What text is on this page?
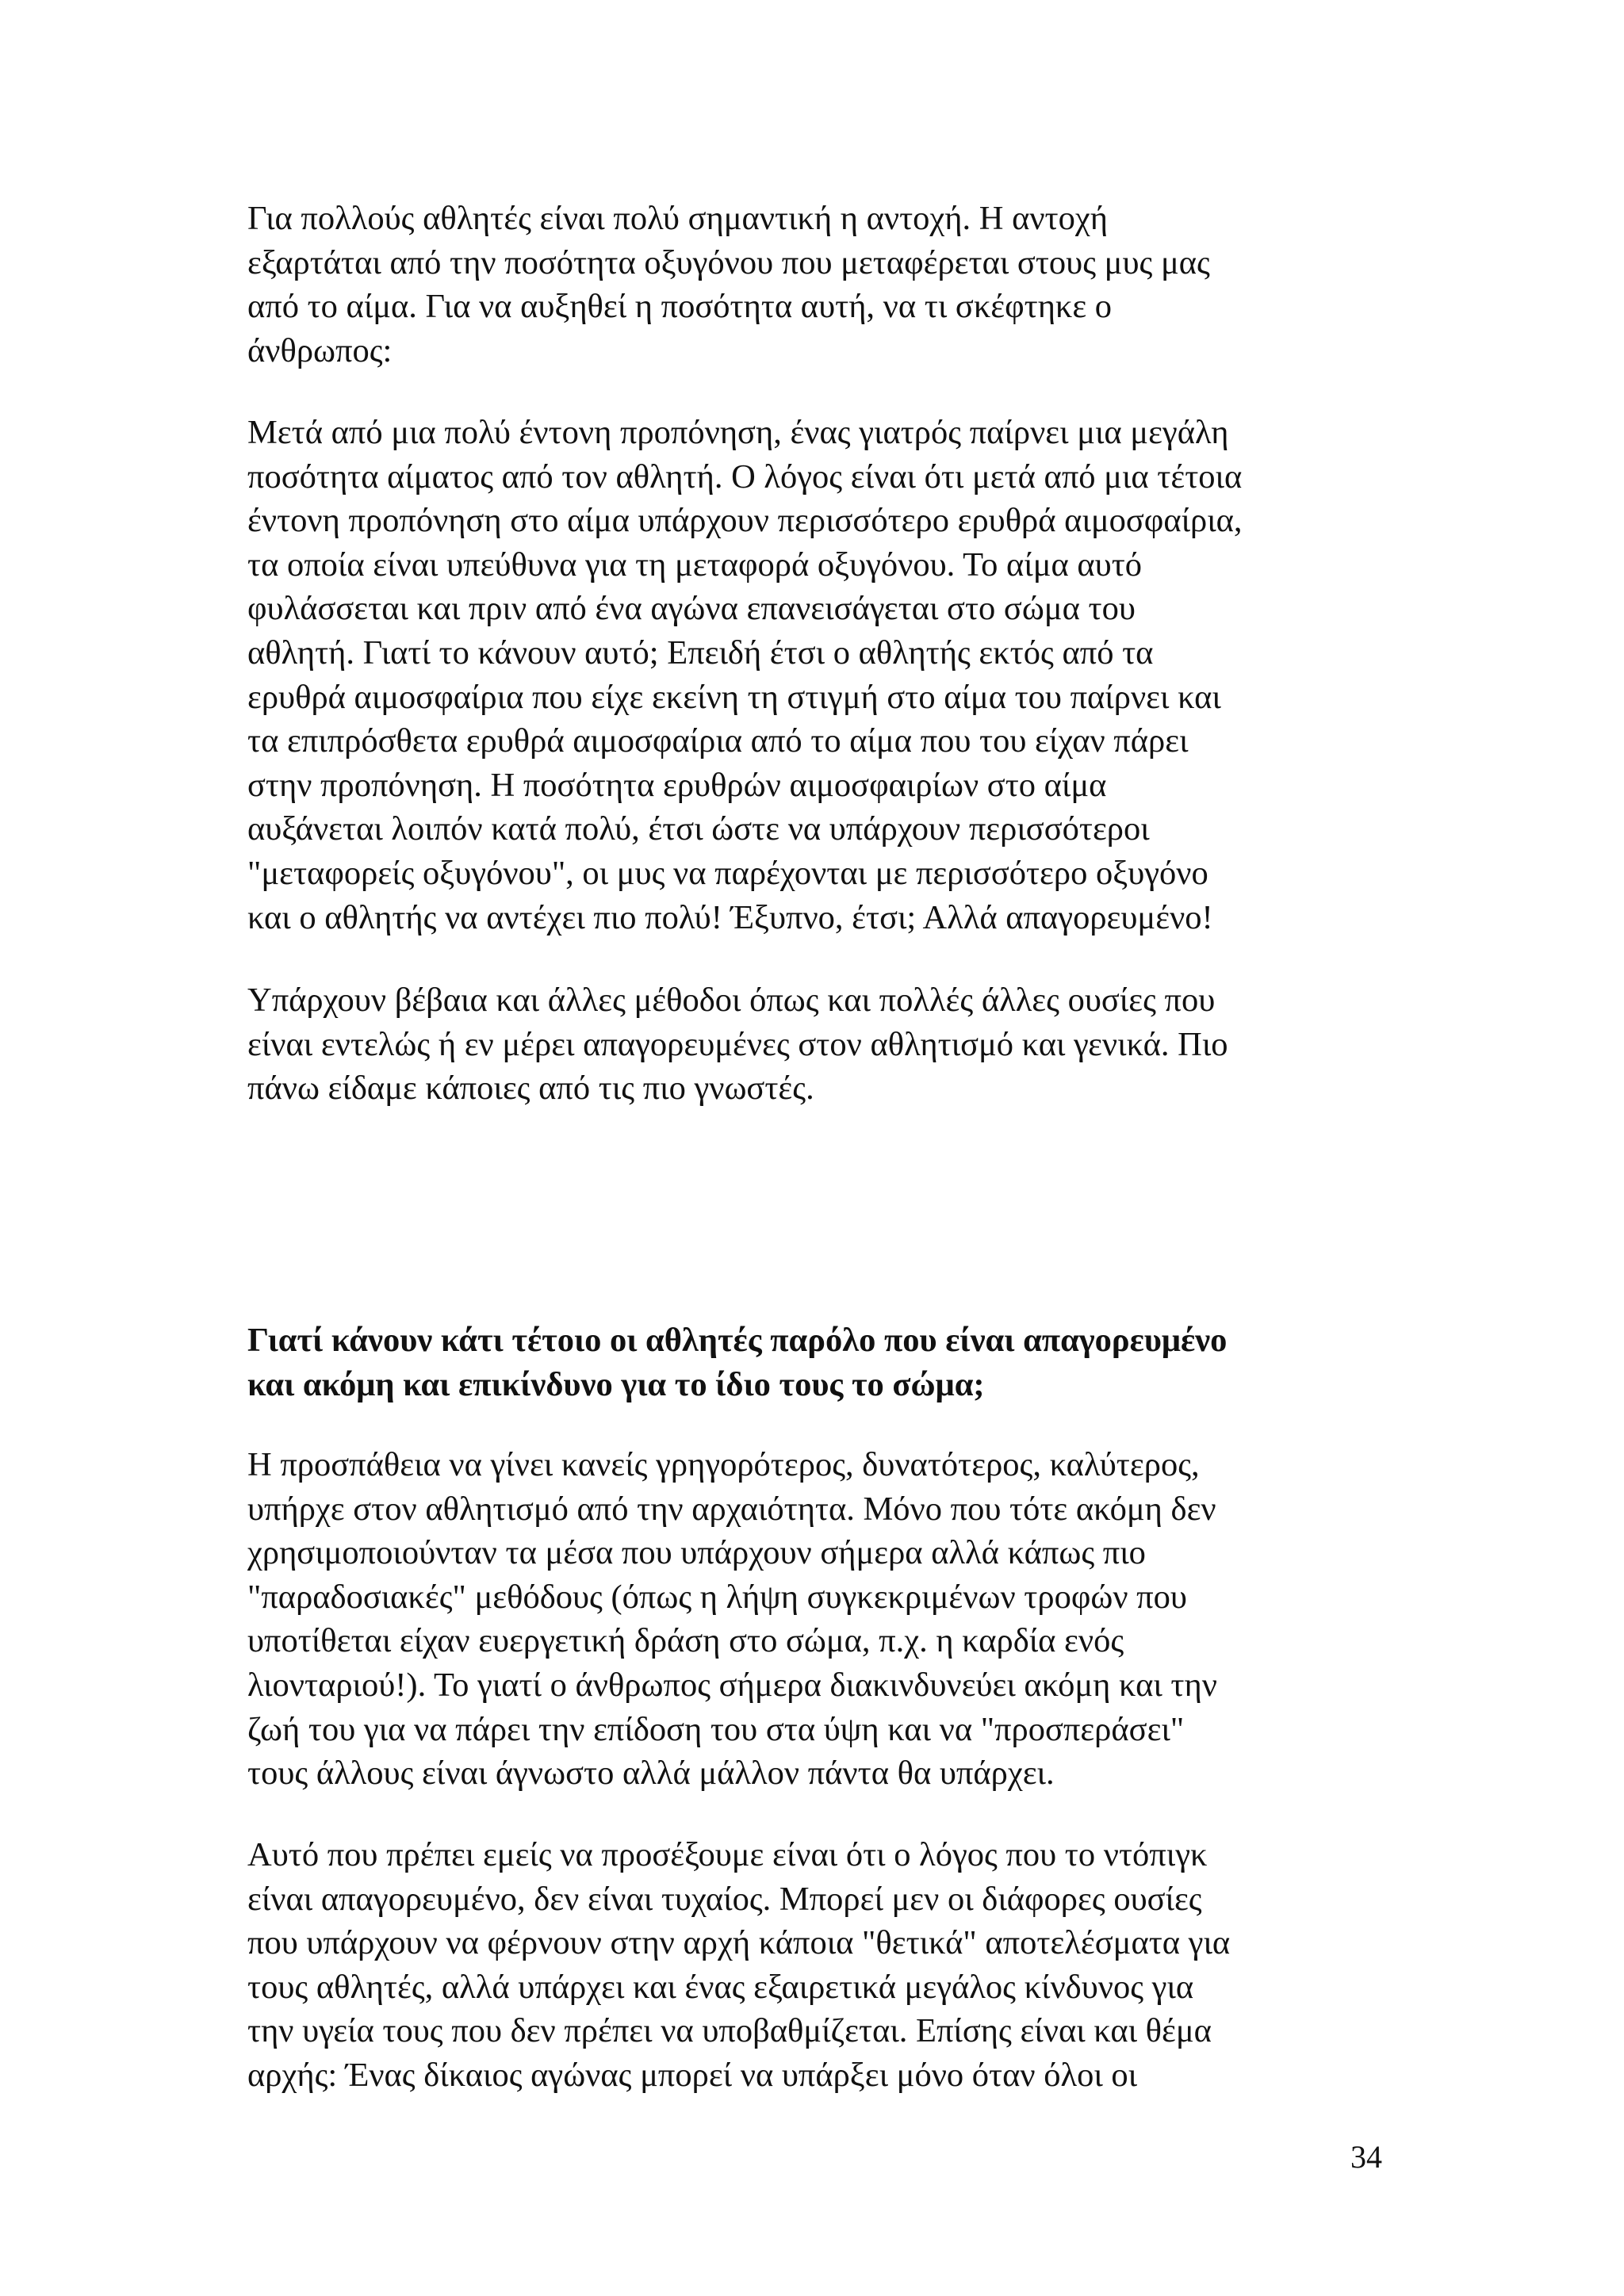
Για πολλούς αθλητές είναι πολύ σημαντική η αντοχή. Η αντοχή
εξαρτάται από την ποσότητα οξυγόνου που μεταφέρεται στους μυς μας
από το αίμα. Για να αυξηθεί η ποσότητα αυτή, να τι σκέφτηκε ο
άνθρωπος:

Μετά από μια πολύ έντονη προπόνηση, ένας γιατρός παίρνει μια μεγάλη
ποσότητα αίματος από τον αθλητή. Ο λόγος είναι ότι μετά από μια τέτοια
έντονη προπόνηση στο αίμα υπάρχουν περισσότερο ερυθρά αιμοσφαίρια,
τα οποία είναι υπεύθυνα για τη μεταφορά οξυγόνου. Το αίμα αυτό
φυλάσσεται και πριν από ένα αγώνα επανεισάγεται στο σώμα του
αθλητή. Γιατί το κάνουν αυτό; Επειδή έτσι ο αθλητής εκτός από τα
ερυθρά αιμοσφαίρια που είχε εκείνη τη στιγμή στο αίμα του παίρνει και
τα επιπρόσθετα ερυθρά αιμοσφαίρια από το αίμα που του είχαν πάρει
στην προπόνηση. Η ποσότητα ερυθρών αιμοσφαιρίων στο αίμα
αυξάνεται λοιπόν κατά πολύ, έτσι ώστε να υπάρχουν περισσότεροι
"μεταφορείς οξυγόνου", οι μυς να παρέχονται με περισσότερο οξυγόνο
και ο αθλητής να αντέχει πιο πολύ! Έξυπνο, έτσι; Αλλά απαγορευμένο!

Υπάρχουν βέβαια και άλλες μέθοδοι όπως και πολλές άλλες ουσίες που
είναι εντελώς ή εν μέρει απαγορευμένες στον αθλητισμό και γενικά. Πιο
πάνω είδαμε κάποιες από τις πιο γνωστές.

Γιατί κάνουν κάτι τέτοιο οι αθλητές παρόλο που είναι απαγορευμένο
και ακόμη και επικίνδυνο για το ίδιο τους το σώμα;

Η προσπάθεια να γίνει κανείς γρηγορότερος, δυνατότερος, καλύτερος,
υπήρχε στον αθλητισμό από την αρχαιότητα. Μόνο που τότε ακόμη δεν
χρησιμοποιούνταν τα μέσα που υπάρχουν σήμερα αλλά κάπως πιο
"παραδοσιακές" μεθόδους (όπως η λήψη συγκεκριμένων τροφών που
υποτίθεται είχαν ευεργετική δράση στο σώμα, π.χ. η καρδία ενός
λιονταριού!). Το γιατί ο άνθρωπος σήμερα διακινδυνεύει ακόμη και την
ζωή του για να πάρει την επίδοση του στα ύψη και να "προσπεράσει"
τους άλλους είναι άγνωστο αλλά μάλλον πάντα θα υπάρχει.

Αυτό που πρέπει εμείς να προσέξουμε είναι ότι ο λόγος που το ντόπιγκ
είναι απαγορευμένο, δεν είναι τυχαίος. Μπορεί μεν οι διάφορες ουσίες
που υπάρχουν να φέρνουν στην αρχή κάποια "θετικά" αποτελέσματα για
τους αθλητές, αλλά υπάρχει και ένας εξαιρετικά μεγάλος κίνδυνος για
την υγεία τους που δεν πρέπει να υποβαθμίζεται. Επίσης είναι και θέμα
αρχής: Ένας δίκαιος αγώνας μπορεί να υπάρξει μόνο όταν όλοι οι

34
